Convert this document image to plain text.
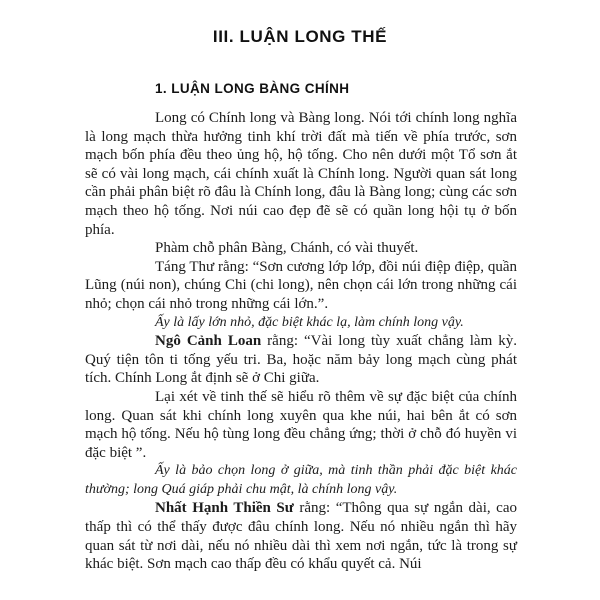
III. LUẬN LONG THẾ
1. LUẬN LONG BÀNG CHÍNH

Long có Chính long và Bàng long. Nói tới chính long nghĩa là long mạch thừa hưởng tinh khí trời đất mà tiến về phía trước, sơn mạch bốn phía đều theo ủng hộ, hộ tống. Cho nên dưới một Tổ sơn ắt sẽ có vài long mạch, cái chính xuất là Chính long. Người quan sát long cần phải phân biệt rõ đâu là Chính long, đâu là Bàng long; cùng các sơn mạch theo hộ tống. Nơi núi cao đẹp đẽ sẽ có quần long hội tụ ở bốn phía.

Phàm chỗ phân Bàng, Chánh, có vài thuyết.

Táng Thư rằng: “Sơn cương lớp lớp, đồi núi điệp điệp, quần Lũng (núi non), chúng Chi (chi long), nên chọn cái lớn trong những cái nhỏ; chọn cái nhỏ trong những cái lớn.”.

Ấy là lấy lớn nhỏ, đặc biệt khác lạ, làm chính long vậy.

Ngô Cảnh Loan rằng: “Vài long tùy xuất chẳng làm kỳ. Quý tiện tôn ti tống yếu tri. Ba, hoặc năm bảy long mạch cùng phát tích. Chính Long ắt định sẽ ở Chi giữa.

Lại xét về tinh thế sẽ hiểu rõ thêm về sự đặc biệt của chính long. Quan sát khi chính long xuyên qua khe núi, hai bên ắt có sơn mạch hộ tống. Nếu hộ tùng long đều chẳng ứng; thời ở chỗ đó huyền vi đặc biệt ”.

Ấy là bảo chọn long ở giữa, mà tinh thần phải đặc biệt khác thường; long Quá giáp phải chu mật, là chính long vậy.

Nhất Hạnh Thiền Sư rằng: “Thông qua sự ngắn dài, cao thấp thì có thể thấy được đâu chính long. Nếu nó nhiều ngắn thì hãy quan sát từ nơi dài, nếu nó nhiều dài thì xem nơi ngắn, tức là trong sự khác biệt. Sơn mạch cao thấp đều có khẩu quyết cả. Núi
